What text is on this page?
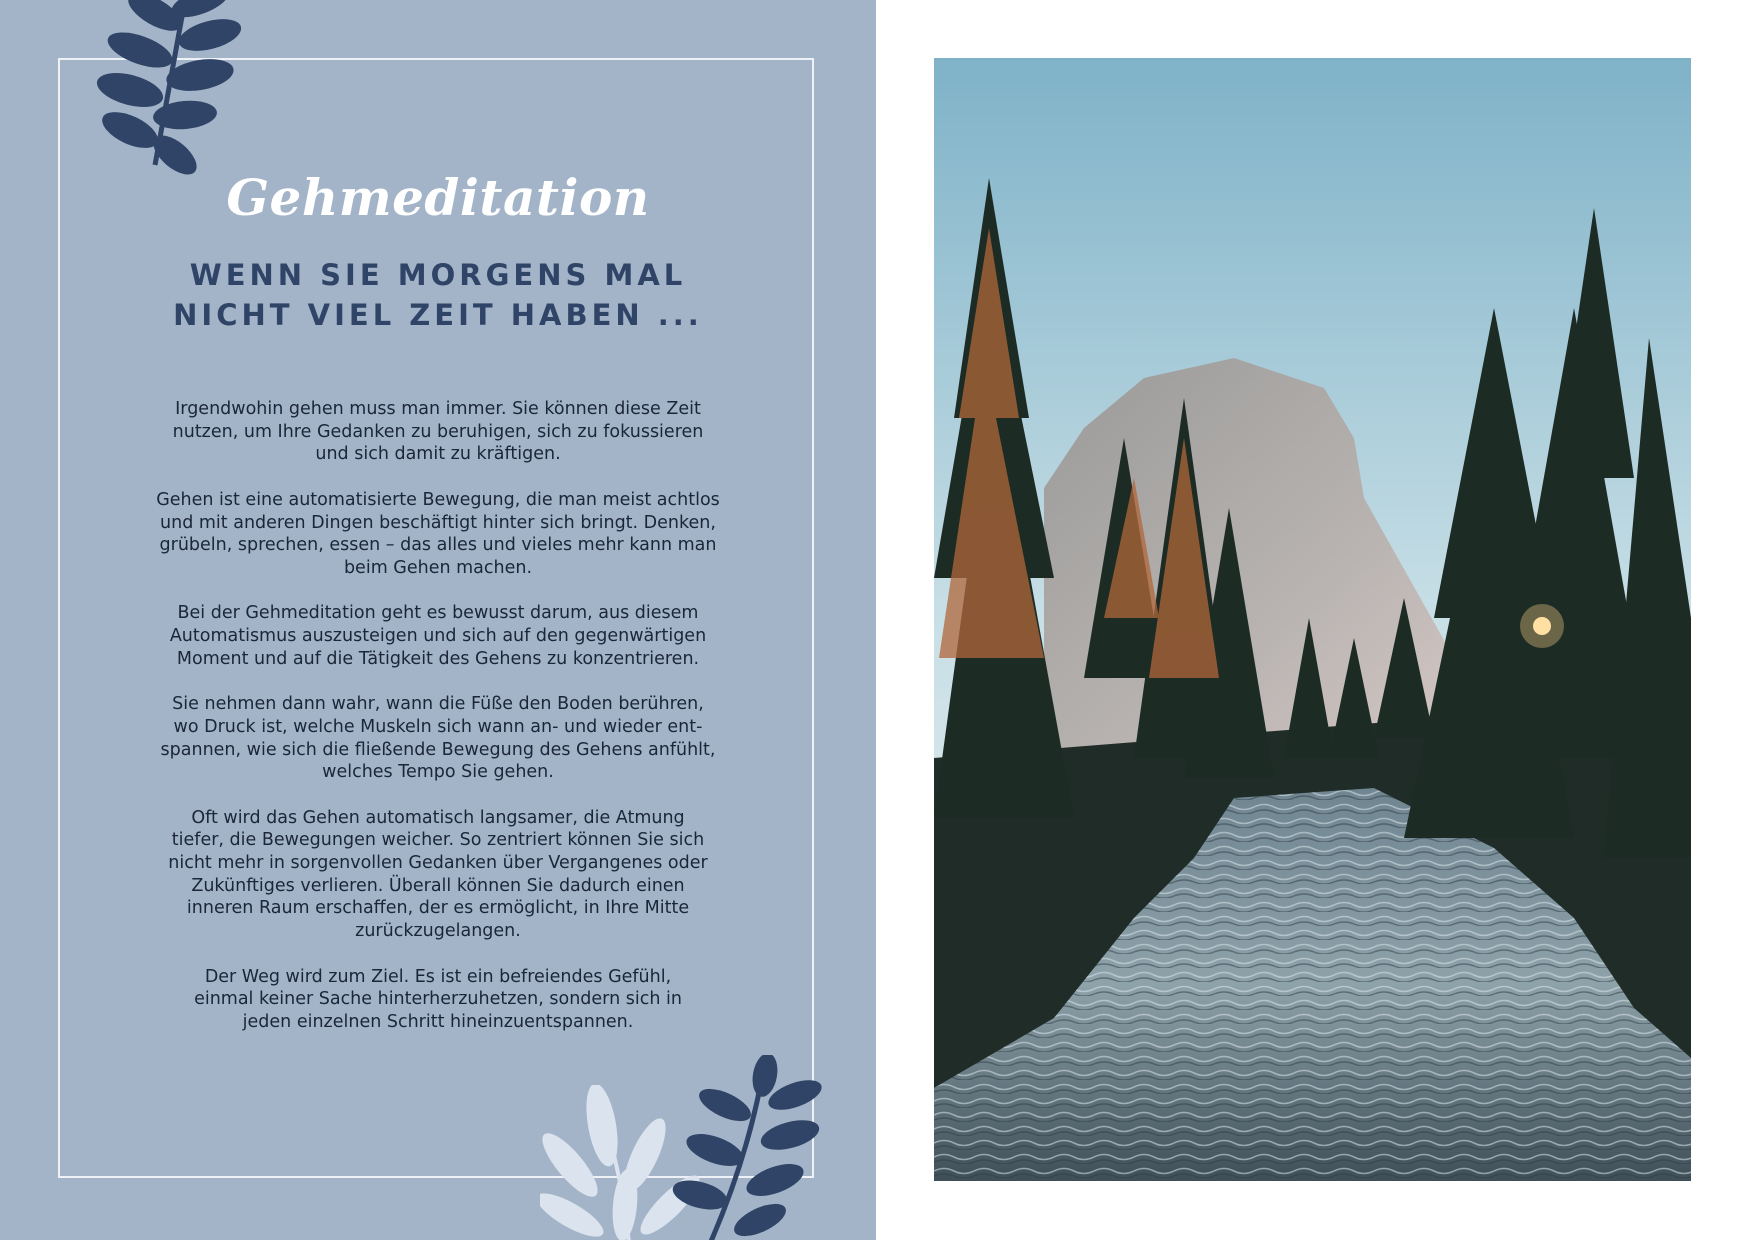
Gehmeditation
WENN SIE MORGENS MAL
NICHT VIEL ZEIT HABEN ...

Irgendwohin gehen muss man immer. Sie können diese Zeit
nutzen, um Ihre Gedanken zu beruhigen, sich zu fokussieren
und sich damit zu kräftigen.

Gehen ist eine automatisierte Bewegung, die man meist achtlos
und mit anderen Dingen beschäftigt hinter sich bringt. Denken,
grübeln, sprechen, essen – das alles und vieles mehr kann man
beim Gehen machen.

Bei der Gehmeditation geht es bewusst darum, aus diesem
Automatismus auszusteigen und sich auf den gegenwärtigen
Moment und auf die Tätigkeit des Gehens zu konzentrieren.

Sie nehmen dann wahr, wann die Füße den Boden berühren,
wo Druck ist, welche Muskeln sich wann an- und wieder ent-
spannen, wie sich die fließende Bewegung des Gehens anfühlt,
welches Tempo Sie gehen.

Oft wird das Gehen automatisch langsamer, die Atmung
tiefer, die Bewegungen weicher. So zentriert können Sie sich
nicht mehr in sorgenvollen Gedanken über Vergangenes oder
Zukünftiges verlieren. Überall können Sie dadurch einen
inneren Raum erschaffen, der es ermöglicht, in Ihre Mitte
zurückzugelangen.

Der Weg wird zum Ziel. Es ist ein befreiendes Gefühl,
einmal keiner Sache hinterherzuhetzen, sondern sich in
jeden einzelnen Schritt hineinzuentspannen.
